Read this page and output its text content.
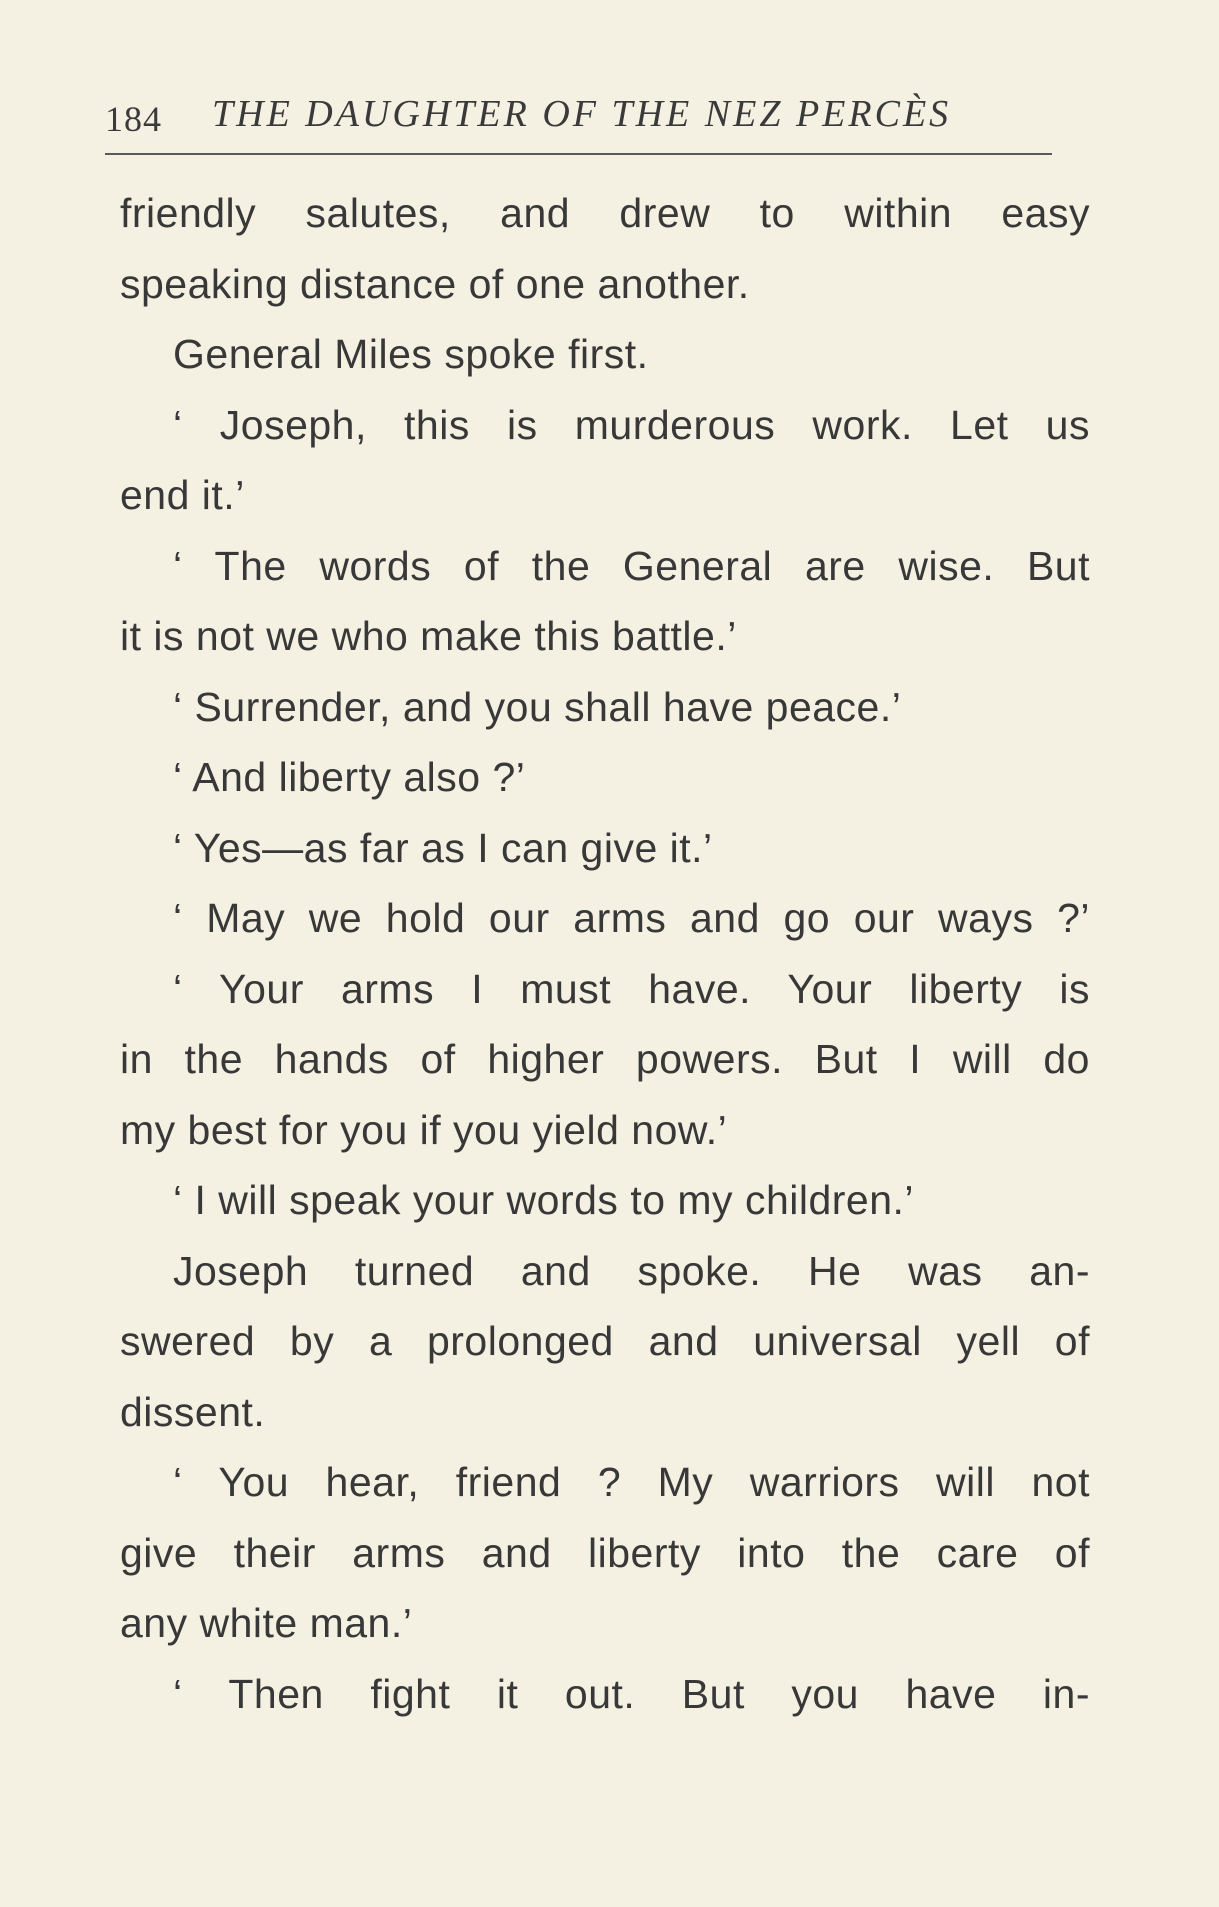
184 THE DAUGHTER OF THE NEZ PERCÈS
friendly salutes, and drew to within easy
speaking distance of one another.
General Miles spoke first.
‘ Joseph, this is murderous work. Let us
end it.’
‘ The words of the General are wise. But
it is not we who make this battle.’
‘ Surrender, and you shall have peace.’
‘ And liberty also ?’
‘ Yes—as far as I can give it.’
‘ May we hold our arms and go our ways ?’
‘ Your arms I must have. Your liberty is
in the hands of higher powers. But I will do
my best for you if you yield now.’
‘ I will speak your words to my children.’
Joseph turned and spoke. He was an-
swered by a prolonged and universal yell of
dissent.
‘ You hear, friend ? My warriors will not
give their arms and liberty into the care of
any white man.’
‘ Then fight it out. But you have in-
